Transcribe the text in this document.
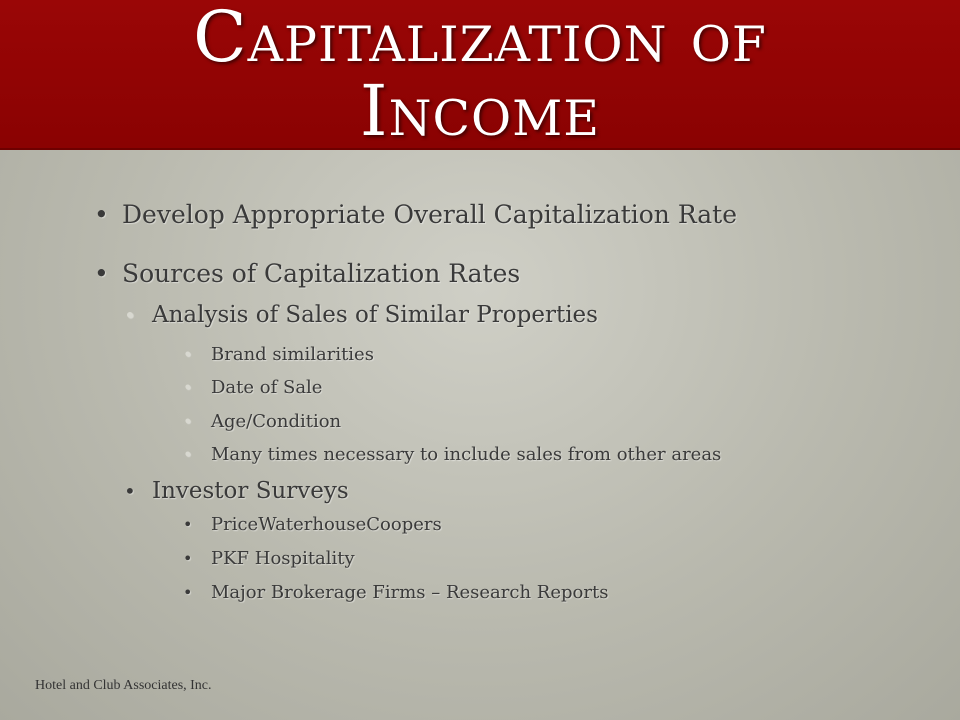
Capitalization of
Income
• Develop Appropriate Overall Capitalization Rate
• Sources of Capitalization Rates
• Analysis of Sales of Similar Properties
• Brand similarities
• Date of Sale
• Age/Condition
• Many times necessary to include sales from other areas
• Investor Surveys
• PriceWaterhouseCoopers
• PKF Hospitality
• Major Brokerage Firms – Research Reports
Hotel and Club Associates, Inc.
